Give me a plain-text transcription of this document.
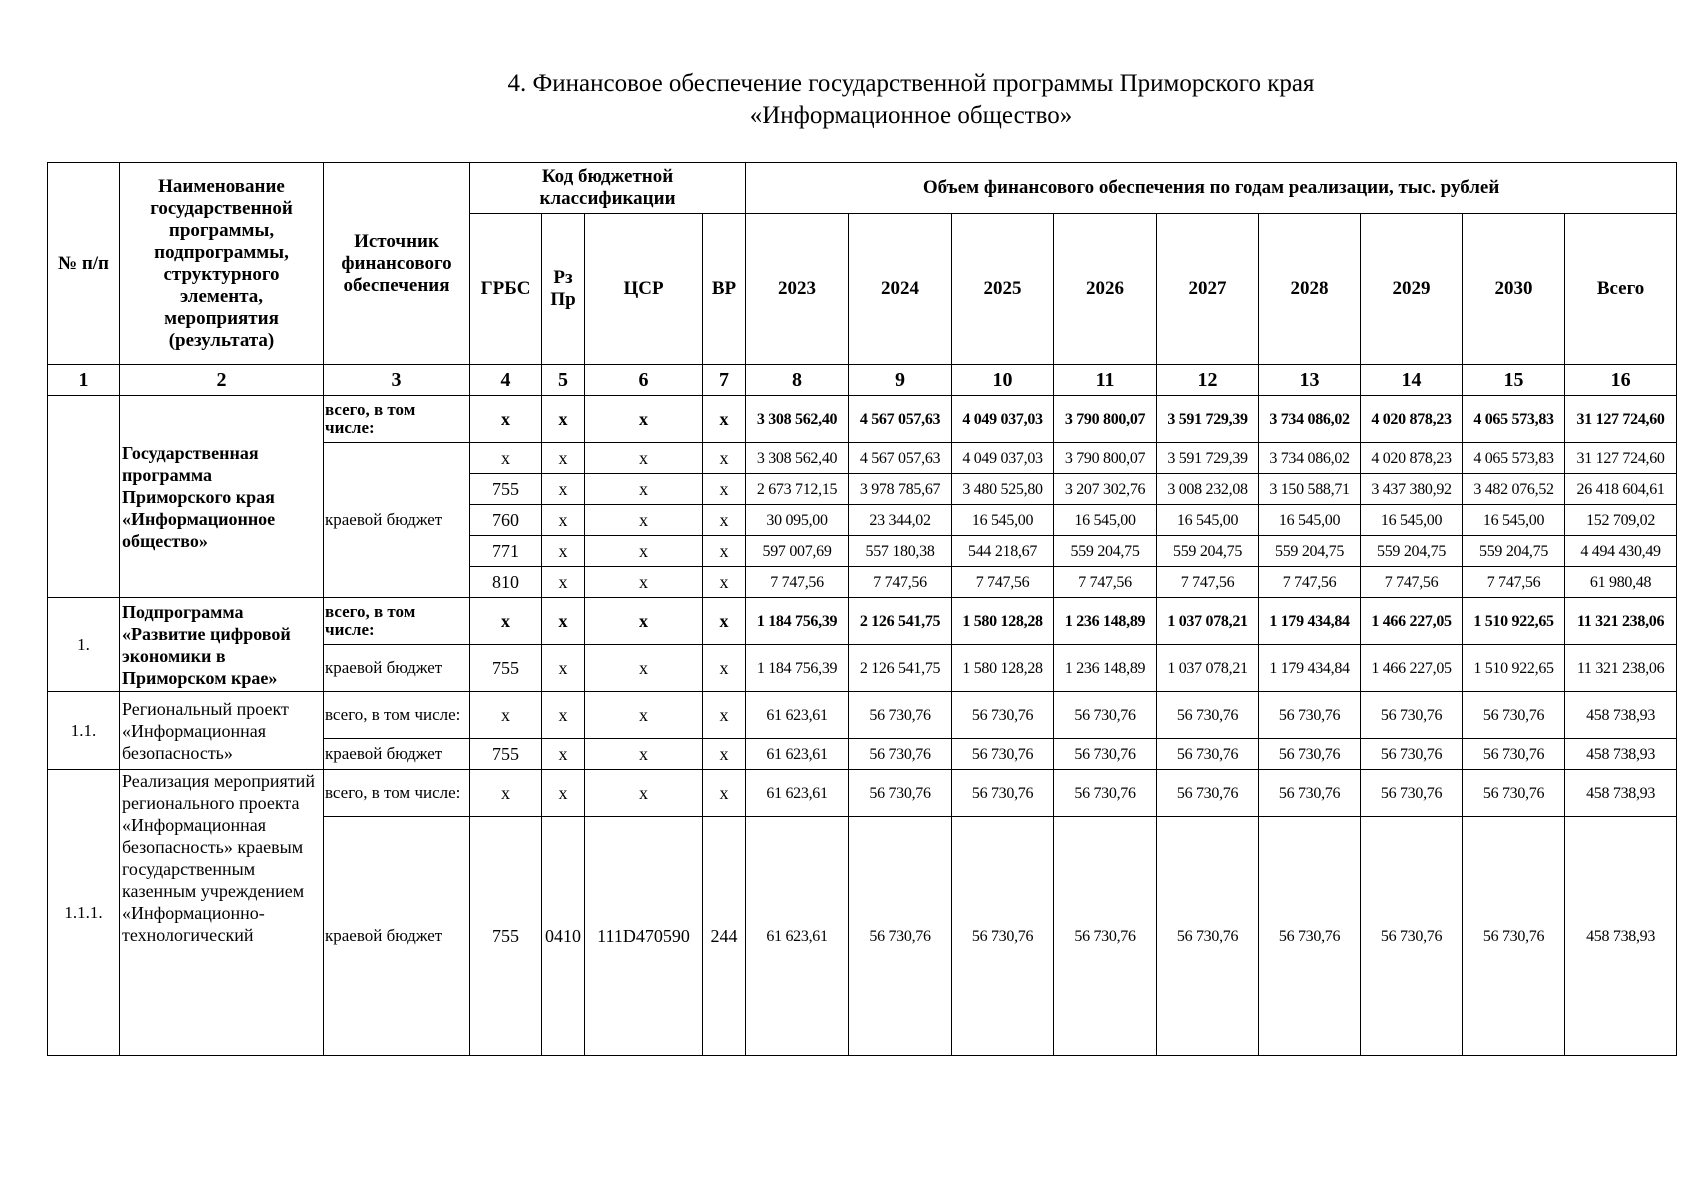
4. Финансовое обеспечение государственной программы Приморского края
«Информационное общество»
№ п/п	Наименование государственной программы, подпрограммы, структурного элемента, мероприятия (результата)	Источник финансового обеспечения	Код бюджетной классификации				Объем финансового обеспечения по годам реализации, тыс. рублей								
			ГРБС	Рз Пр	ЦСР	ВР	2023	2024	2025	2026	2027	2028	2029	2030	Всего
1	2	3	4	5	6	7	8	9	10	11	12	13	14	15	16
	Государственная программа Приморского края «Информационное общество»	всего, в том числе:	x	x	x	x	3 308 562,40	4 567 057,63	4 049 037,03	3 790 800,07	3 591 729,39	3 734 086,02	4 020 878,23	4 065 573,83	31 127 724,60
		краевой бюджет	x	x	x	x	3 308 562,40	4 567 057,63	4 049 037,03	3 790 800,07	3 591 729,39	3 734 086,02	4 020 878,23	4 065 573,83	31 127 724,60
			755	x	x	x	2 673 712,15	3 978 785,67	3 480 525,80	3 207 302,76	3 008 232,08	3 150 588,71	3 437 380,92	3 482 076,52	26 418 604,61
			760	x	x	x	30 095,00	23 344,02	16 545,00	16 545,00	16 545,00	16 545,00	16 545,00	16 545,00	152 709,02
			771	x	x	x	597 007,69	557 180,38	544 218,67	559 204,75	559 204,75	559 204,75	559 204,75	559 204,75	4 494 430,49
			810	x	x	x	7 747,56	7 747,56	7 747,56	7 747,56	7 747,56	7 747,56	7 747,56	7 747,56	61 980,48
1.	Подпрограмма «Развитие цифровой экономики в Приморском крае»	всего, в том числе:	x	x	x	x	1 184 756,39	2 126 541,75	1 580 128,28	1 236 148,89	1 037 078,21	1 179 434,84	1 466 227,05	1 510 922,65	11 321 238,06
		краевой бюджет	755	x	x	x	1 184 756,39	2 126 541,75	1 580 128,28	1 236 148,89	1 037 078,21	1 179 434,84	1 466 227,05	1 510 922,65	11 321 238,06
1.1.	Региональный проект «Информационная безопасность»	всего, в том числе:	x	x	x	x	61 623,61	56 730,76	56 730,76	56 730,76	56 730,76	56 730,76	56 730,76	56 730,76	458 738,93
		краевой бюджет	755	x	x	x	61 623,61	56 730,76	56 730,76	56 730,76	56 730,76	56 730,76	56 730,76	56 730,76	458 738,93
1.1.1.	Реализация мероприятий регионального проекта «Информационная безопасность» краевым государственным казенным учреждением «Информационно-технологический	всего, в том числе:	x	x	x	x	61 623,61	56 730,76	56 730,76	56 730,76	56 730,76	56 730,76	56 730,76	56 730,76	458 738,93
		краевой бюджет	755	0410	111D470590	244	61 623,61	56 730,76	56 730,76	56 730,76	56 730,76	56 730,76	56 730,76	56 730,76	458 738,93
